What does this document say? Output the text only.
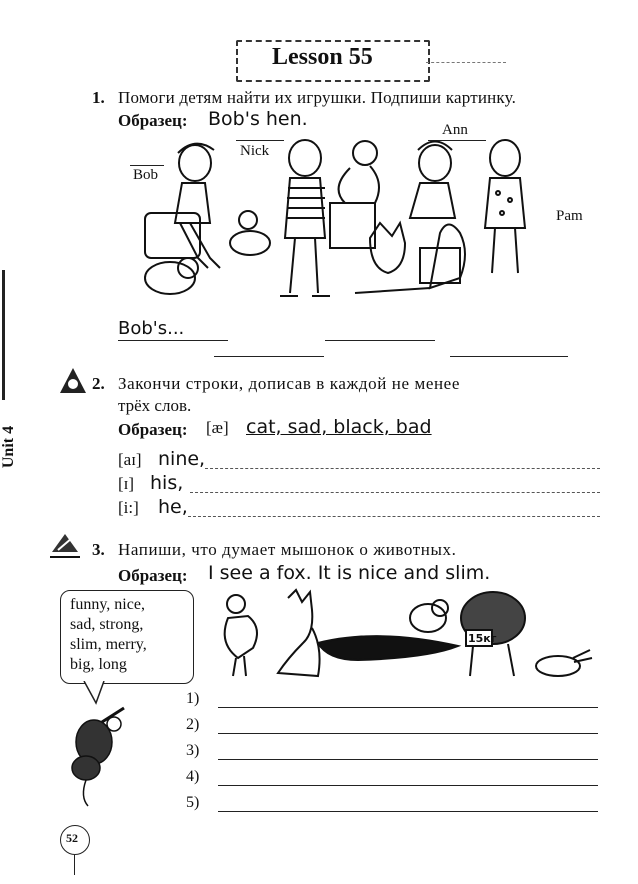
Lesson 55
Unit 4
1. Помоги детям найти их игрушки. Подпиши картинку.
Образец: Bob's hen.	Ann
Nick
Bob
Pam
Bob's...
2. Закончи строки, дописав в каждой не менее
трёх слов.
Образец: [æ] cat, sad, black, bad
[aɪ] nine,
[ɪ] his,
[i:] he,
3. Напиши, что думает мышонок о животных.
Образец: I see a fox. It is nice and slim.
funny, nice,
sad, strong,
slim, merry,
big, long
15кг
1)
2)
3)
4)
5)
52
